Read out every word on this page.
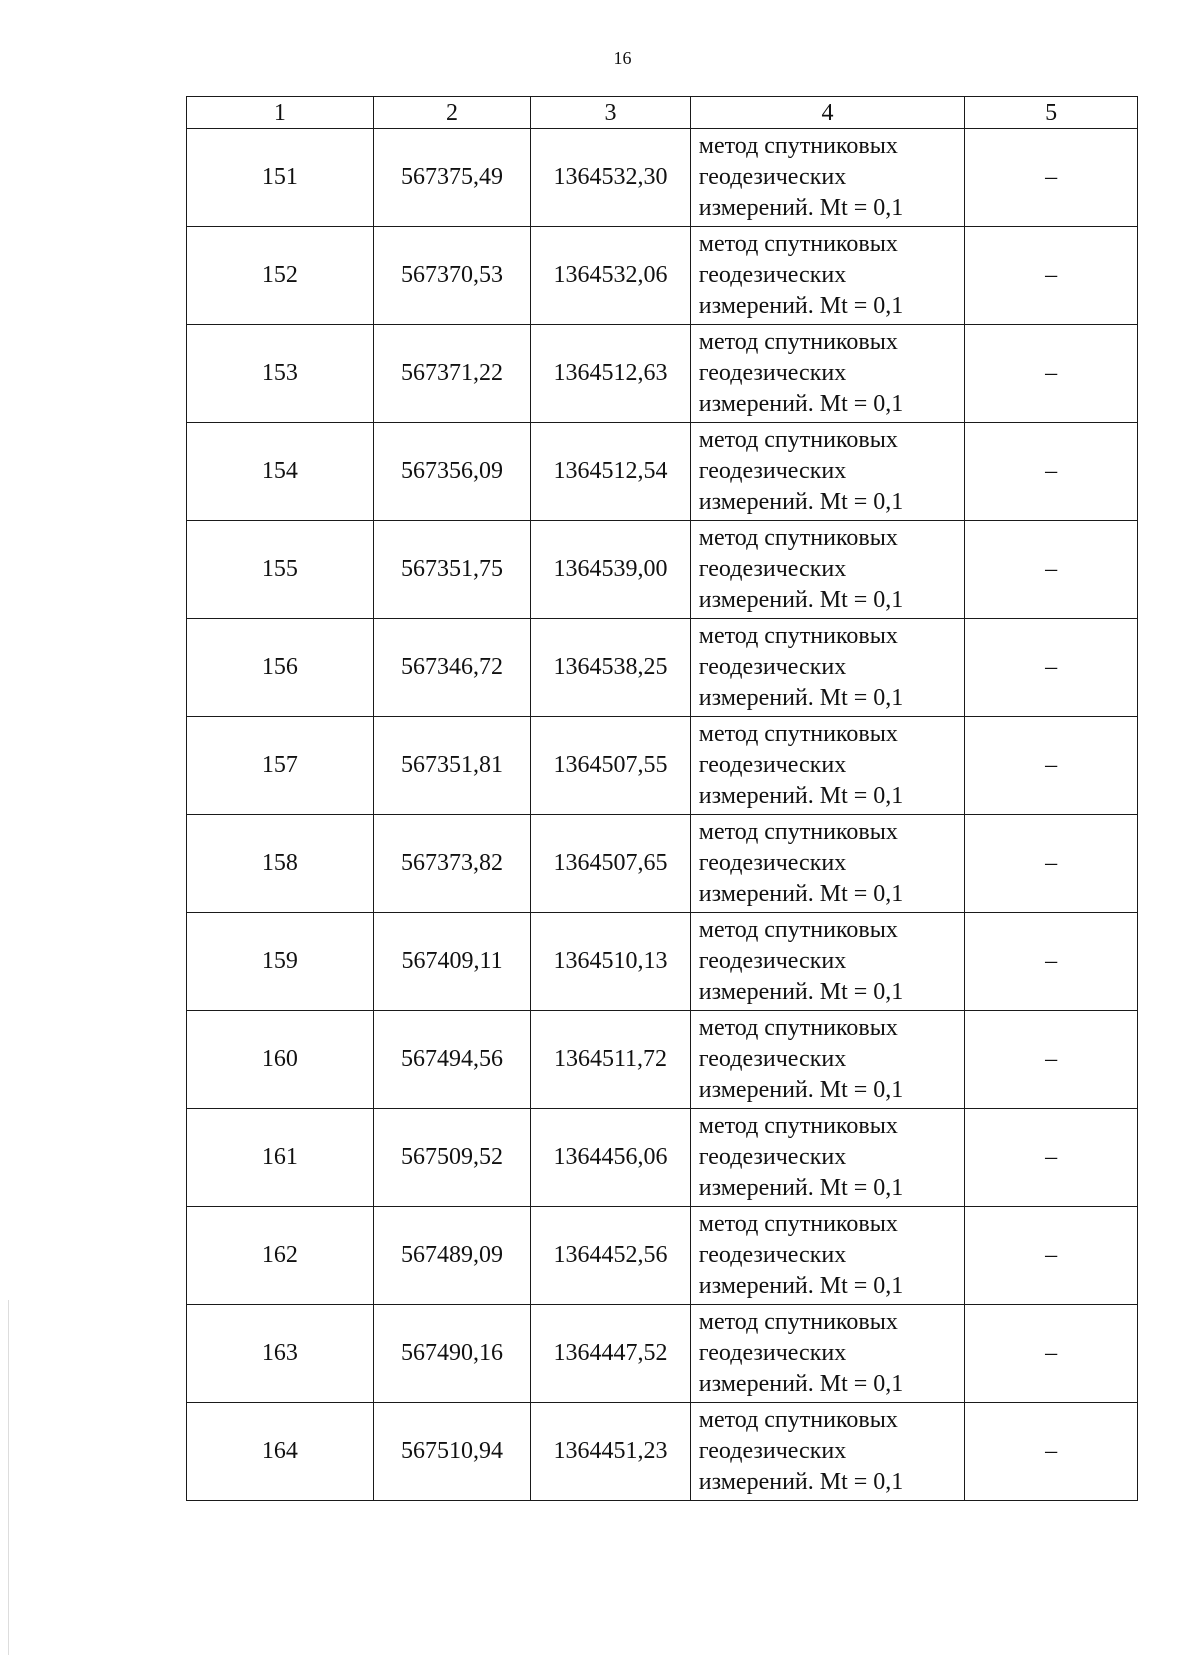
16
1	2	3	4	5
151	567375,49	1364532,30	метод спутниковых
геодезических
измерений. Mt = 0,1	–
152	567370,53	1364532,06	метод спутниковых
геодезических
измерений. Mt = 0,1	–
153	567371,22	1364512,63	метод спутниковых
геодезических
измерений. Mt = 0,1	–
154	567356,09	1364512,54	метод спутниковых
геодезических
измерений. Mt = 0,1	–
155	567351,75	1364539,00	метод спутниковых
геодезических
измерений. Mt = 0,1	–
156	567346,72	1364538,25	метод спутниковых
геодезических
измерений. Mt = 0,1	–
157	567351,81	1364507,55	метод спутниковых
геодезических
измерений. Mt = 0,1	–
158	567373,82	1364507,65	метод спутниковых
геодезических
измерений. Mt = 0,1	–
159	567409,11	1364510,13	метод спутниковых
геодезических
измерений. Mt = 0,1	–
160	567494,56	1364511,72	метод спутниковых
геодезических
измерений. Mt = 0,1	–
161	567509,52	1364456,06	метод спутниковых
геодезических
измерений. Mt = 0,1	–
162	567489,09	1364452,56	метод спутниковых
геодезических
измерений. Mt = 0,1	–
163	567490,16	1364447,52	метод спутниковых
геодезических
измерений. Mt = 0,1	–
164	567510,94	1364451,23	метод спутниковых
геодезических
измерений. Mt = 0,1	–
